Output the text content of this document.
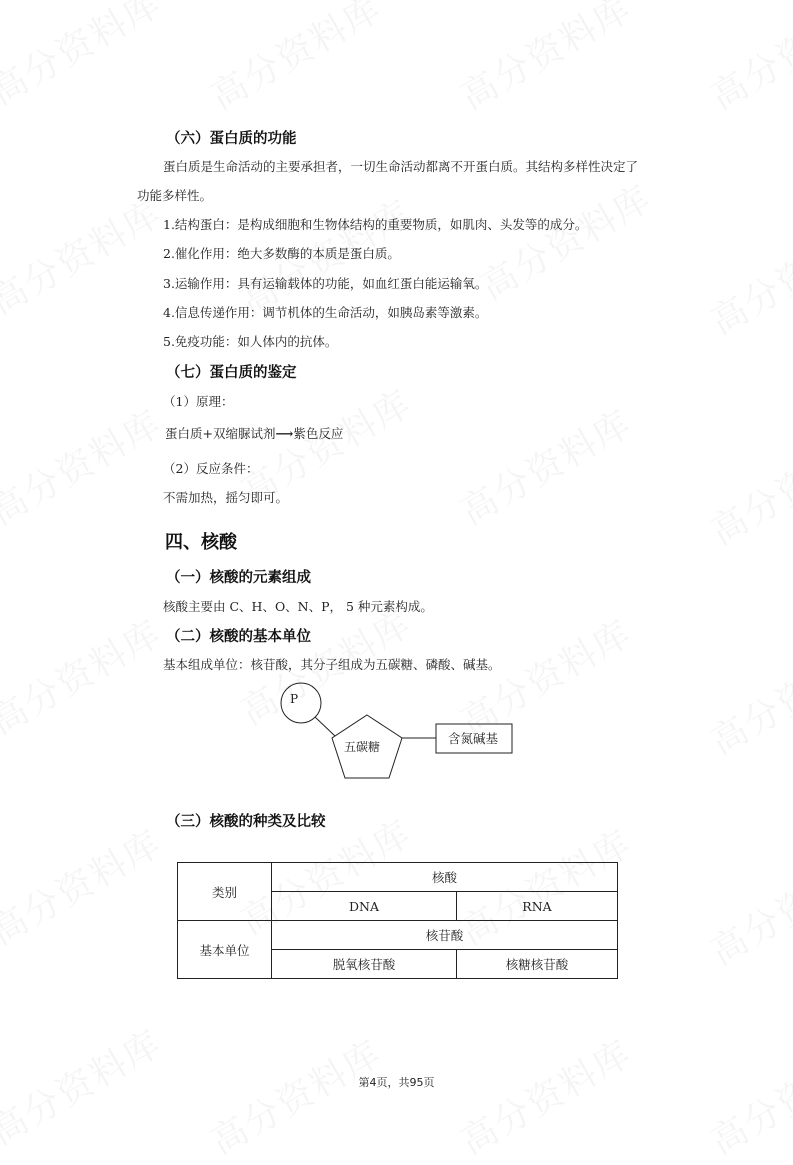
（六）蛋白质的功能
蛋白质是生命活动的主要承担者，一切生命活动都离不开蛋白质。其结构多样性决定了
功能多样性。
1.结构蛋白：是构成细胞和生物体结构的重要物质，如肌肉、头发等的成分。
2.催化作用：绝大多数酶的本质是蛋白质。
3.运输作用：具有运输载体的功能，如血红蛋白能运输氧。
4.信息传递作用：调节机体的生命活动，如胰岛素等激素。
5.免疫功能：如人体内的抗体。
（七）蛋白质的鉴定
（1）原理：
蛋白质+双缩脲试剂⟶紫色反应
（2）反应条件：
不需加热，摇匀即可。
四、核酸
（一）核酸的元素组成
核酸主要由 C、H、O、N、P， 5 种元素构成。
（二）核酸的基本单位
基本组成单位：核苷酸，其分子组成为五碳糖、磷酸、碱基。
P
五碳糖
含氮碱基
（三）核酸的种类及比较
类别	核酸	
	DNA	RNA
基本单位	核苷酸	
	脱氧核苷酸	核糖核苷酸
第4页，共95页
